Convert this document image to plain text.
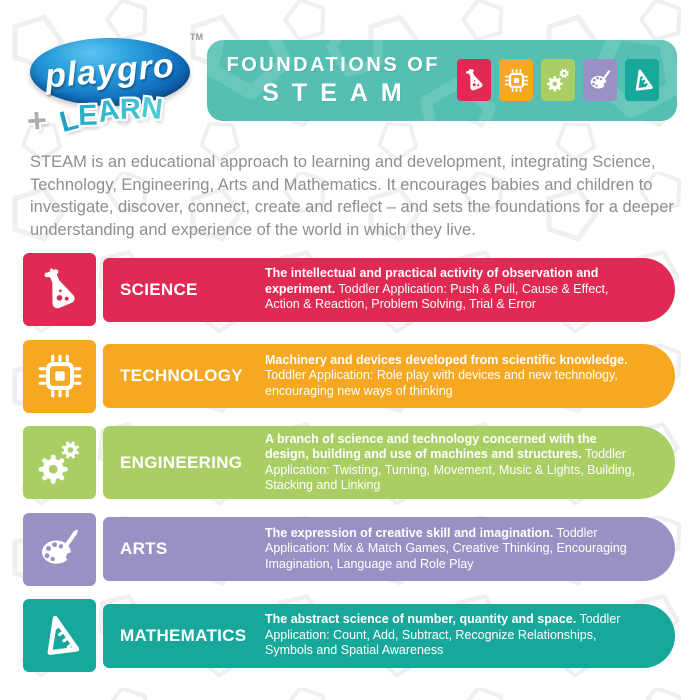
playgro
TM
+ LEARN
FOUNDATIONS OF
STEAM

STEAM is an educational approach to learning and development, integrating Science,
Technology, Engineering, Arts and Mathematics. It encourages babies and children to
investigate, discover, connect, create and reflect – and sets the foundations for a deeper
understanding and experience of the world in which they live.

SCIENCE

The intellectual and practical activity of observation and experiment. Toddler Application: Push & Pull, Cause & Effect, Action & Reaction, Problem Solving, Trial & Error

TECHNOLOGY

Machinery and devices developed from scientific knowledge. Toddler Application: Role play with devices and new technology, encouraging new ways of thinking

ENGINEERING

A branch of science and technology concerned with the design, building and use of machines and structures. Toddler Application: Twisting, Turning, Movement, Music & Lights, Building, Stacking and Linking

ARTS

The expression of creative skill and imagination. Toddler Application: Mix & Match Games, Creative Thinking, Encouraging Imagination, Language and Role Play

MATHEMATICS

The abstract science of number, quantity and space. Toddler Application: Count, Add, Subtract, Recognize Relationships, Symbols and Spatial Awareness
